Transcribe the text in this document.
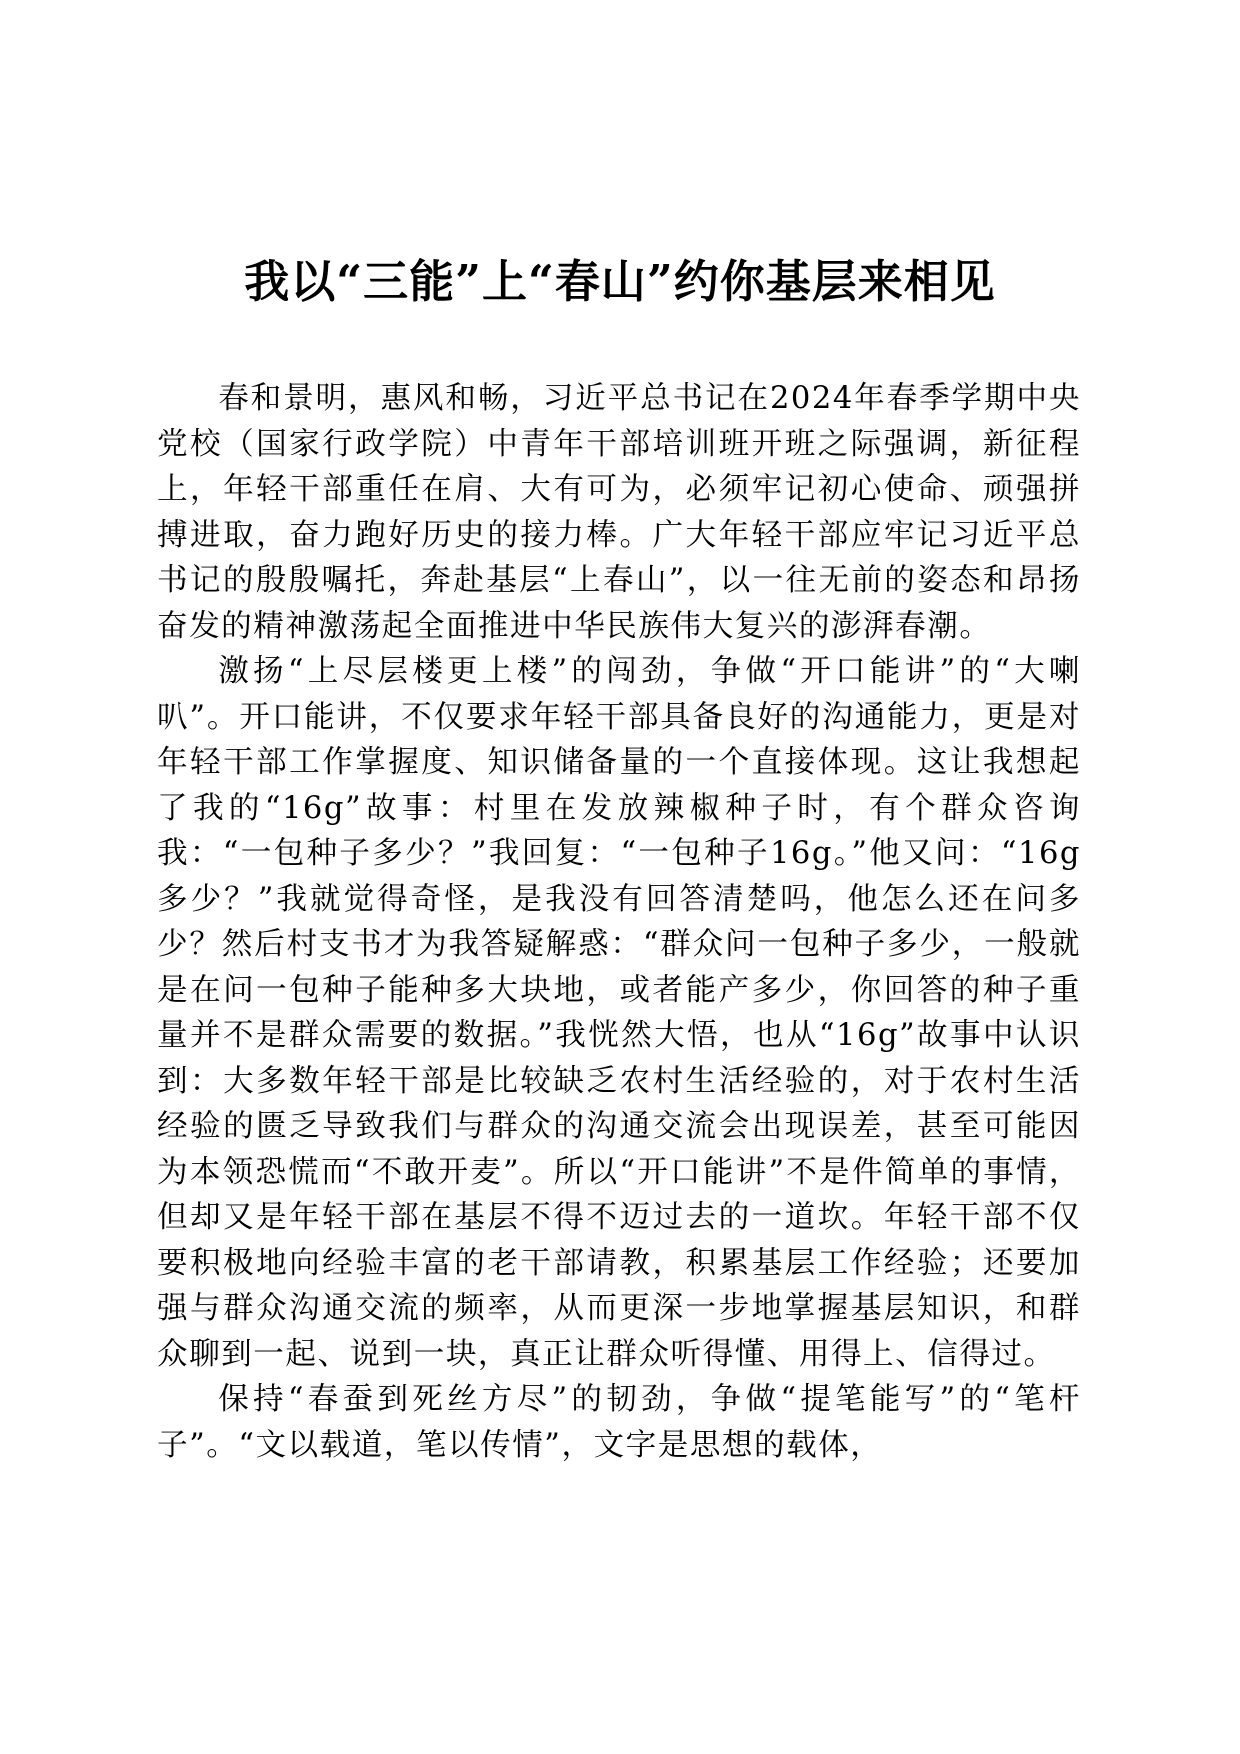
我以“三能”上“春山”约你基层来相见

春和景明，惠风和畅，习近平总书记在2024年春季学期中央党校（国家行政学院）中青年干部培训班开班之际强调，新征程上，年轻干部重任在肩、大有可为，必须牢记初心使命、顽强拼搏进取，奋力跑好历史的接力棒。广大年轻干部应牢记习近平总书记的殷殷嘱托，奔赴基层“上春山”，以一往无前的姿态和昂扬奋发的精神激荡起全面推进中华民族伟大复兴的澎湃春潮。

激扬“上尽层楼更上楼”的闯劲，争做“开口能讲”的“大喇叭”。开口能讲，不仅要求年轻干部具备良好的沟通能力，更是对年轻干部工作掌握度、知识储备量的一个直接体现。这让我想起了我的“16g”故事：村里在发放辣椒种子时，有个群众咨询我：“一包种子多少？”我回复：“一包种子16g。”他又问：“16g多少？”我就觉得奇怪，是我没有回答清楚吗，他怎么还在问多少？然后村支书才为我答疑解惑：“群众问一包种子多少，一般就是在问一包种子能种多大块地，或者能产多少，你回答的种子重量并不是群众需要的数据。”我恍然大悟，也从“16g”故事中认识到：大多数年轻干部是比较缺乏农村生活经验的，对于农村生活经验的匮乏导致我们与群众的沟通交流会出现误差，甚至可能因为本领恐慌而“不敢开麦”。所以“开口能讲”不是件简单的事情，但却又是年轻干部在基层不得不迈过去的一道坎。年轻干部不仅要积极地向经验丰富的老干部请教，积累基层工作经验；还要加强与群众沟通交流的频率，从而更深一步地掌握基层知识，和群众聊到一起、说到一块，真正让群众听得懂、用得上、信得过。

保持“春蚕到死丝方尽”的韧劲，争做“提笔能写”的“笔杆子”。“文以载道，笔以传情”，文字是思想的载体，
